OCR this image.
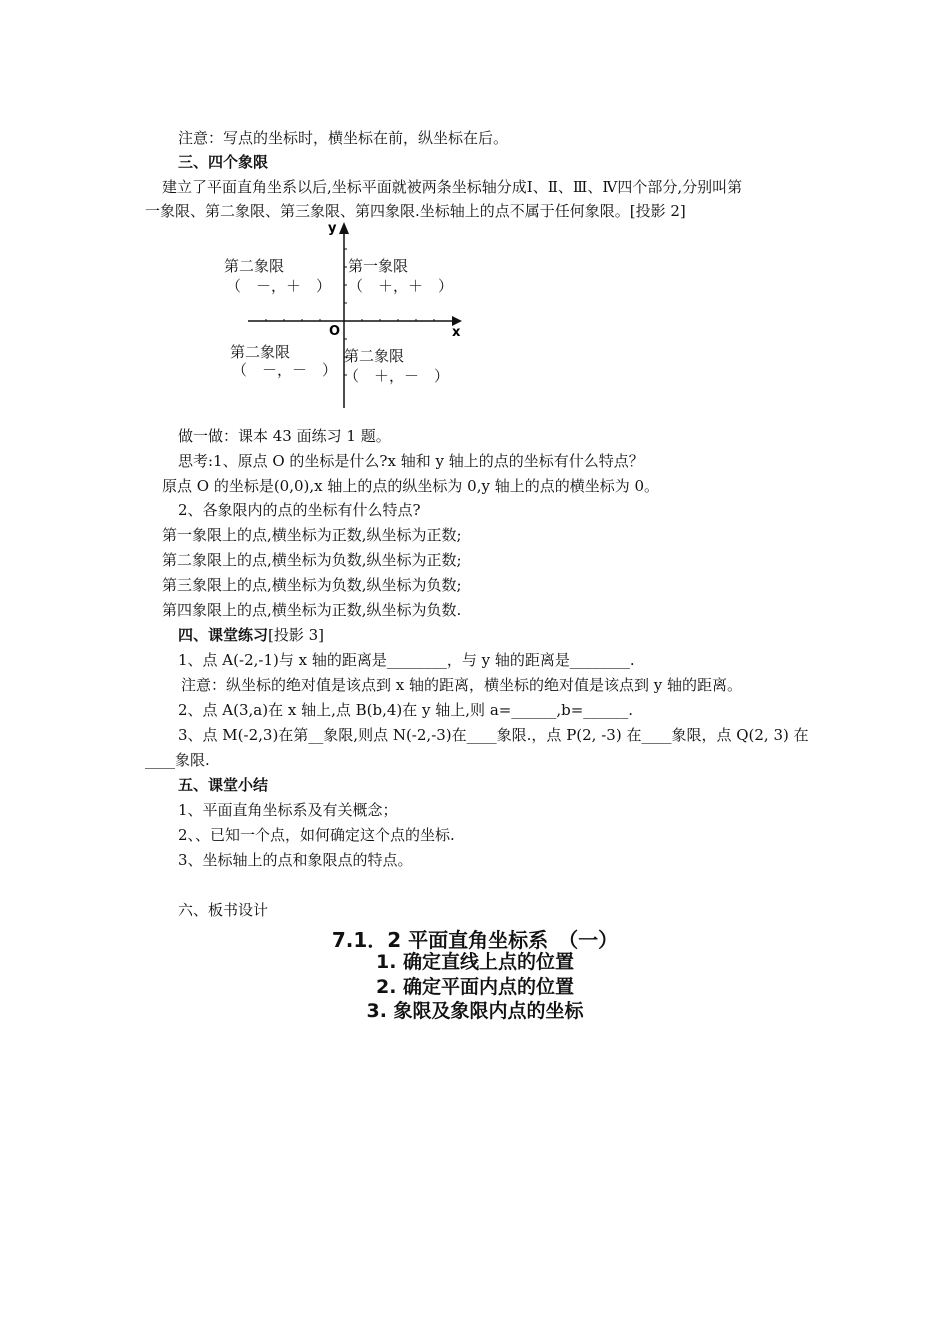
注意：写点的坐标时，横坐标在前，纵坐标在后。
三、四个象限
建立了平面直角坐系以后,坐标平面就被两条坐标轴分成Ⅰ、Ⅱ、Ⅲ、Ⅳ四个部分,分别叫第
一象限、第二象限、第三象限、第四象限.坐标轴上的点不属于任何象限。[投影 2]
y
x
O
第二象限
（　－，＋　）
第一象限
（　＋，＋　）
第二象限
（　－，－　）
第二象限
（　＋，－　）
做一做：课本 43 面练习 1 题。
思考:1、原点 O 的坐标是什么?x 轴和 y 轴上的点的坐标有什么特点？
原点 O 的坐标是(0,0),x 轴上的点的纵坐标为 0,y 轴上的点的横坐标为 0。
2、各象限内的点的坐标有什么特点?
第一象限上的点,横坐标为正数,纵坐标为正数;
第二象限上的点,横坐标为负数,纵坐标为正数;
第三象限上的点,横坐标为负数,纵坐标为负数;
第四象限上的点,横坐标为正数,纵坐标为负数.
四、课堂练习[投影 3]
1、点 A(-2,-1)与 x 轴的距离是________，与 y 轴的距离是________.
注意：纵坐标的绝对值是该点到 x 轴的距离，横坐标的绝对值是该点到 y 轴的距离。
2、点 A(3,a)在 x 轴上,点 B(b,4)在 y 轴上,则 a=______,b=______.
3、点 M(-2,3)在第__象限,则点 N(-2,-3)在____象限.，点 P(2, -3) 在____象限，点 Q(2, 3) 在
____象限.
五、课堂小结
1、平面直角坐标系及有关概念；
2、、已知一个点，如何确定这个点的坐标.
3、坐标轴上的点和象限点的特点。
六、板书设计
7.1．2 平面直角坐标系　（一）
1. 确定直线上点的位置
2. 确定平面内点的位置
3. 象限及象限内点的坐标
